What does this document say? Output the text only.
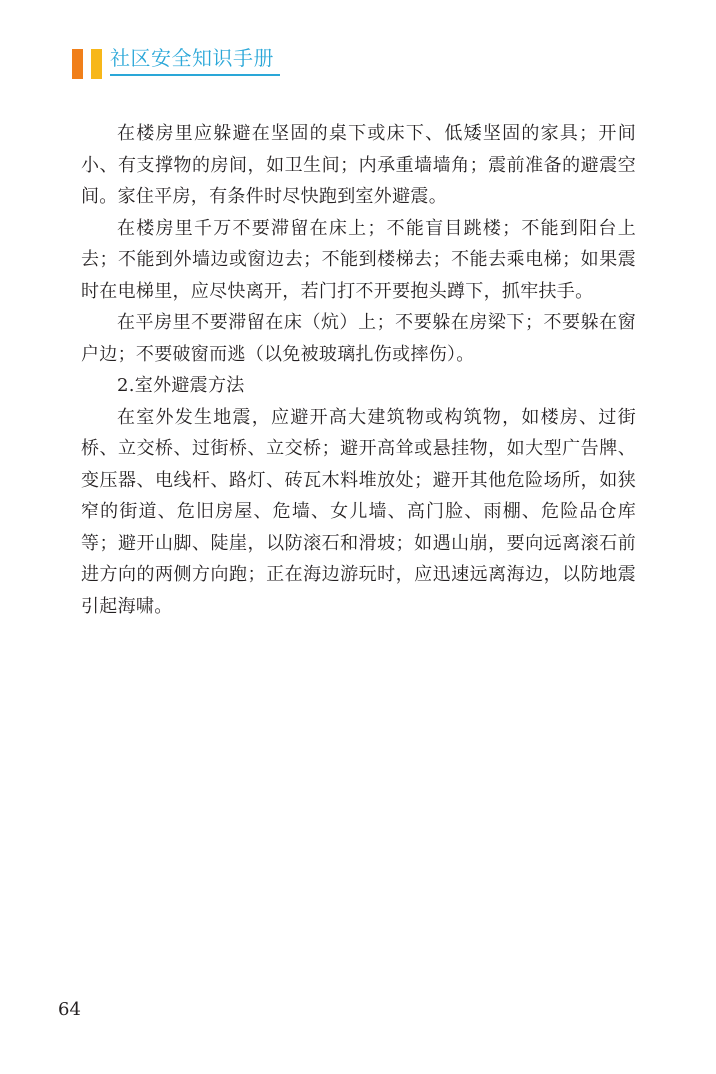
社区安全知识手册

在楼房里应躲避在坚固的桌下或床下、低矮坚固的家具；开间小、有支撑物的房间，如卫生间；内承重墙墙角；震前准备的避震空间。家住平房，有条件时尽快跑到室外避震。

在楼房里千万不要滞留在床上；不能盲目跳楼；不能到阳台上去；不能到外墙边或窗边去；不能到楼梯去；不能去乘电梯；如果震时在电梯里，应尽快离开，若门打不开要抱头蹲下，抓牢扶手。

在平房里不要滞留在床（炕）上；不要躲在房梁下；不要躲在窗户边；不要破窗而逃（以免被玻璃扎伤或摔伤）。

2.室外避震方法

在室外发生地震，应避开高大建筑物或构筑物，如楼房、过街桥、立交桥、过街桥、立交桥；避开高耸或悬挂物，如大型广告牌、变压器、电线杆、路灯、砖瓦木料堆放处；避开其他危险场所，如狭窄的街道、危旧房屋、危墙、女儿墙、高门脸、雨棚、危险品仓库等；避开山脚、陡崖，以防滚石和滑坡；如遇山崩，要向远离滚石前进方向的两侧方向跑；正在海边游玩时，应迅速远离海边，以防地震引起海啸。

64
